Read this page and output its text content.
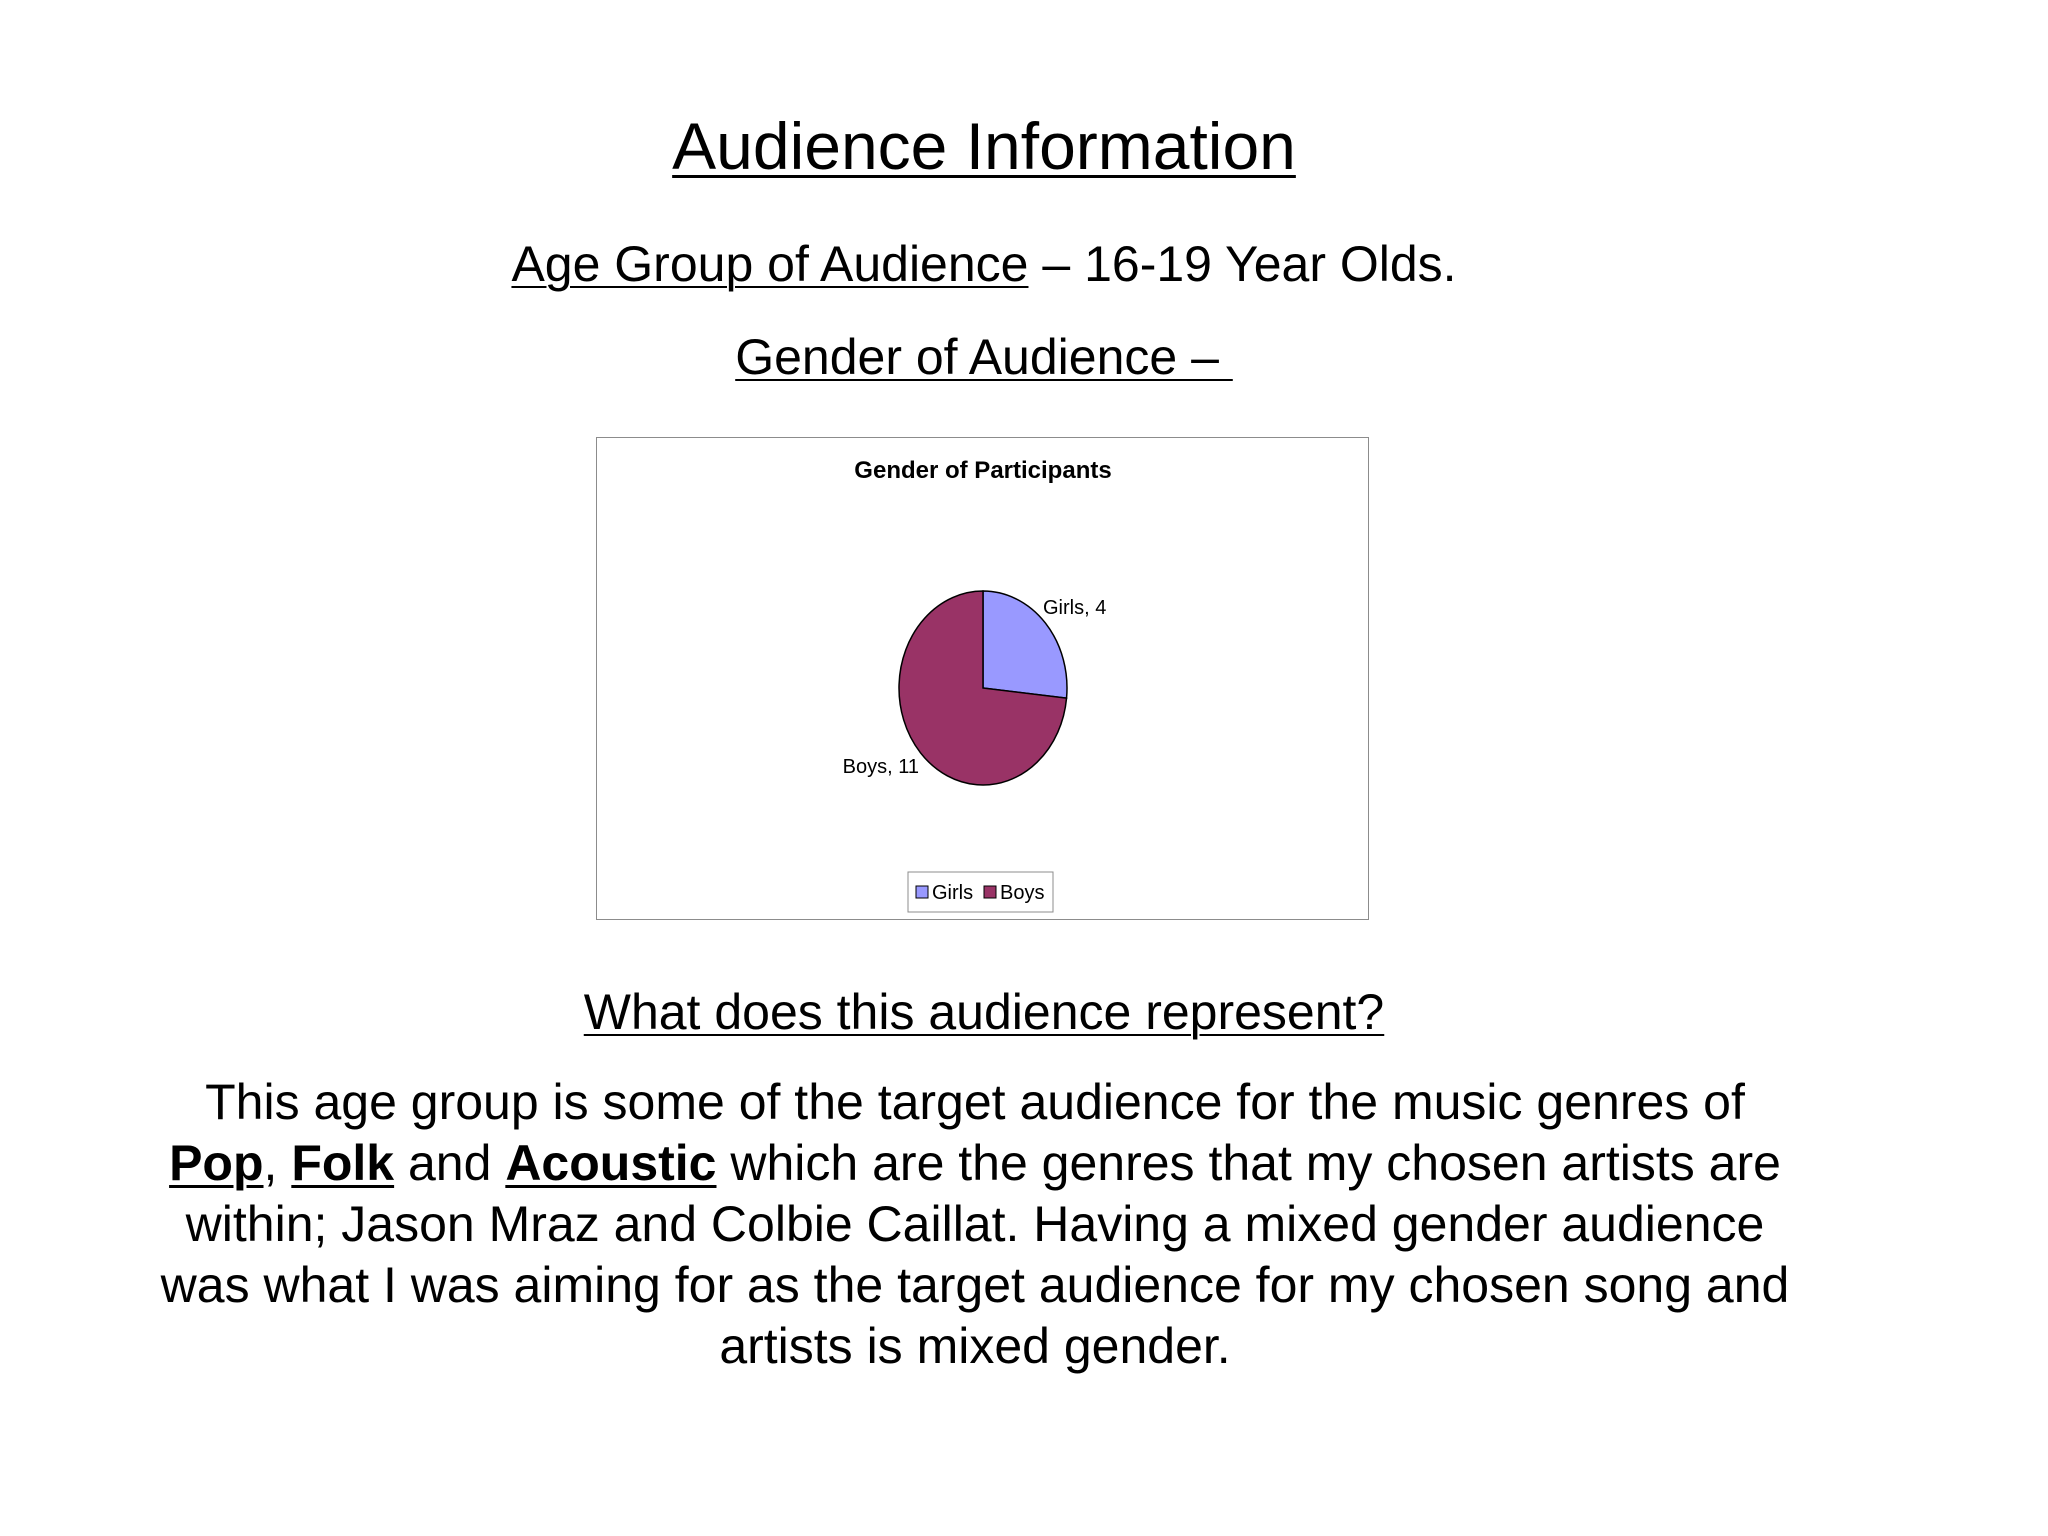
Audience Information
Age Group of Audience – 16-19 Year Olds.
Gender of Audience –
Gender of Participants
Girls, 4
Boys, 11
Girls Boys
What does this audience represent?
This age group is some of the target audience for the music genres of Pop, Folk and Acoustic which are the genres that my chosen artists are within; Jason Mraz and Colbie Caillat. Having a mixed gender audience was what I was aiming for as the target audience for my chosen song and artists is mixed gender.
